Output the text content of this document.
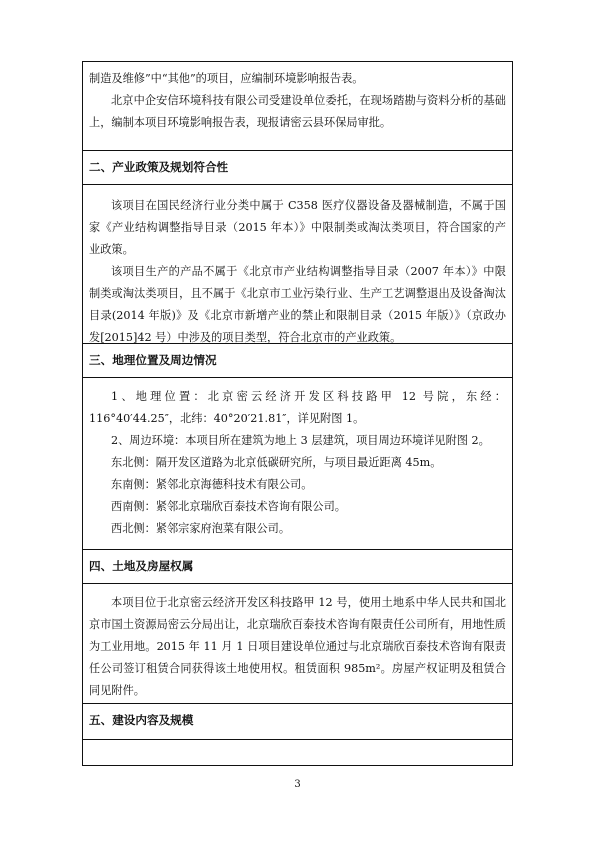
制造及维修”中“其他”的项目，应编制环境影响报告表。
北京中企安信环境科技有限公司受建设单位委托，在现场踏勘与资料分析的基础上，编制本项目环境影响报告表，现报请密云县环保局审批。
二、产业政策及规划符合性
该项目在国民经济行业分类中属于 C358 医疗仪器设备及器械制造，不属于国家《产业结构调整指导目录（2015 年本）》中限制类或淘汰类项目，符合国家的产业政策。
该项目生产的产品不属于《北京市产业结构调整指导目录（2007 年本）》中限制类或淘汰类项目，且不属于《北京市工业污染行业、生产工艺调整退出及设备淘汰目录(2014 年版)》及《北京市新增产业的禁止和限制目录（2015 年版）》（京政办发[2015]42 号）中涉及的项目类型，符合北京市的产业政策。
三、地理位置及周边情况
1、地理位置：北京密云经济开发区科技路甲 12 号院，东经：116°40′44.25″，北纬：40°20′21.81″，详见附图 1。
2、周边环境：本项目所在建筑为地上 3 层建筑，项目周边环境详见附图 2。
东北侧：隔开发区道路为北京低碳研究所，与项目最近距离 45m。
东南侧：紧邻北京海德科技术有限公司。
西南侧：紧邻北京瑞欣百泰技术咨询有限公司。
西北侧：紧邻宗家府泡菜有限公司。
四、土地及房屋权属
本项目位于北京密云经济开发区科技路甲 12 号，使用土地系中华人民共和国北京市国土资源局密云分局出让，北京瑞欣百泰技术咨询有限责任公司所有，用地性质为工业用地。2015 年 11 月 1 日项目建设单位通过与北京瑞欣百泰技术咨询有限责任公司签订租赁合同获得该土地使用权。租赁面积 985m²。房屋产权证明及租赁合同见附件。
五、建设内容及规模
3
